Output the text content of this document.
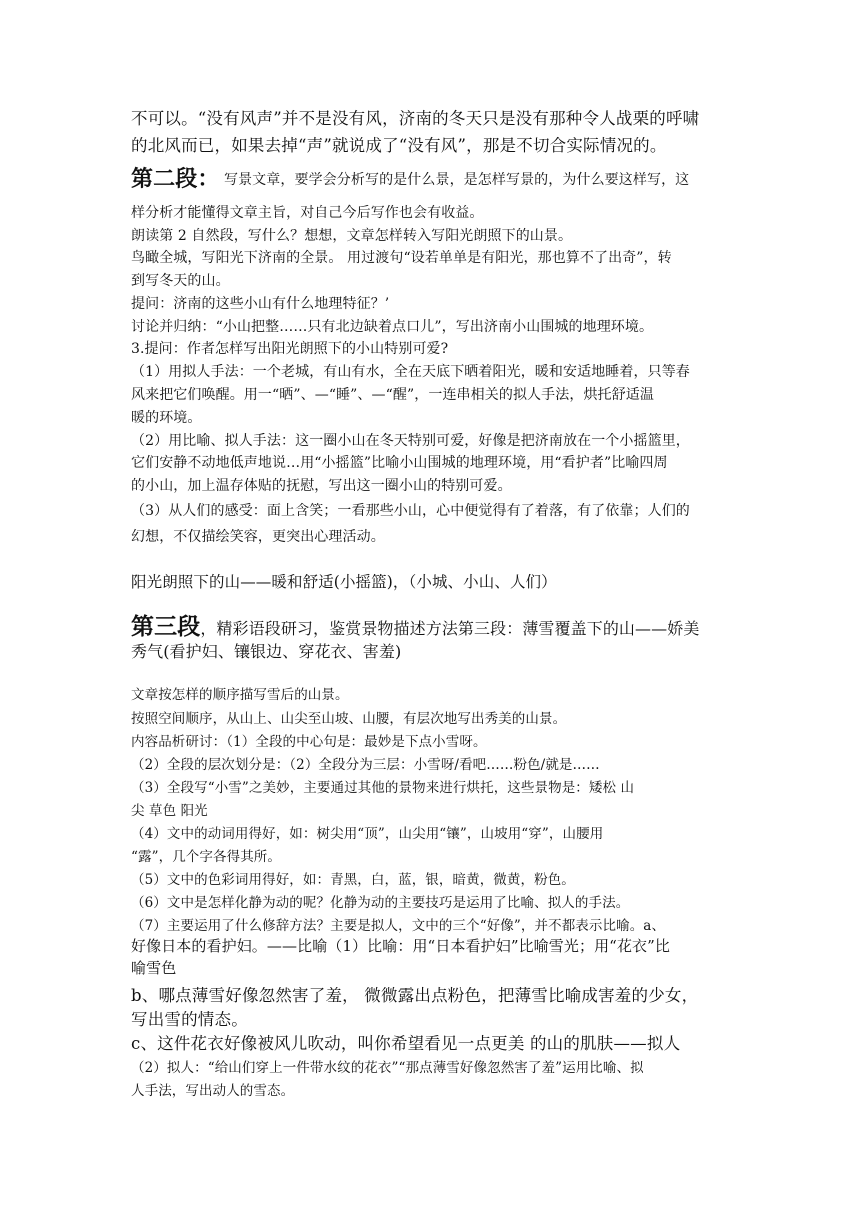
不可以。“没有风声”并不是没有风，济南的冬天只是没有那种令人战栗的呼啸
的北风而已，如果去掉“声”就说成了“没有风”，那是不切合实际情况的。
第二段： 写景文章，要学会分析写的是什么景，是怎样写景的，为什么要这样写，这
样分析才能懂得文章主旨，对自己今后写作也会有收益。
朗读第 2 自然段，写什么？想想，文章怎样转入写阳光朗照下的山景。
鸟瞰全城，写阳光下济南的全景。 用过渡句“设若单单是有阳光，那也算不了出奇”，转
到写冬天的山。
提问：济南的这些小山有什么地理特征？’
讨论并归纳：“小山把整……只有北边缺着点口儿”，写出济南小山围城的地理环境。
3.提问：作者怎样写出阳光朗照下的小山特别可爱?
（1）用拟人手法：一个老城，有山有水，全在天底下晒着阳光，暖和安适地睡着，只等春
风来把它们唤醒。用一“晒”、—“睡”、—“醒”，一连串相关的拟人手法，烘托舒适温
暖的环境。
（2）用比喻、拟人手法：这一圈小山在冬天特别可爱，好像是把济南放在一个小摇篮里，
它们安静不动地低声地说…用“小摇篮”比喻小山围城的地理环境，用“看护者”比喻四周
的小山，加上温存体贴的抚慰，写出这一圈小山的特别可爱。
（3）从人们的感受：面上含笑；一看那些小山，心中便觉得有了着落，有了依靠；人们的
幻想，不仅描绘笑容，更突出心理活动。
阳光朗照下的山——暖和舒适(小摇篮)，（小城、小山、人们）
第三段，精彩语段研习，鉴赏景物描述方法第三段：薄雪覆盖下的山——娇美
秀气(看护妇、镶银边、穿花衣、害羞)
文章按怎样的顺序描写雪后的山景。
按照空间顺序，从山上、山尖至山坡、山腰，有层次地写出秀美的山景。
内容品析研讨：（1）全段的中心句是：最妙是下点小雪呀。
（2）全段的层次划分是：（2）全段分为三层：小雪呀/看吧……粉色/就是……
（3）全段写“小雪”之美妙，主要通过其他的景物来进行烘托，这些景物是：矮松 山
尖 草色 阳光
（4）文中的动词用得好，如：树尖用“顶”，山尖用“镶”，山坡用“穿”，山腰用
“露”，几个字各得其所。
（5）文中的色彩词用得好，如：青黑，白，蓝，银，暗黄，微黄，粉色。
（6）文中是怎样化静为动的呢？化静为动的主要技巧是运用了比喻、拟人的手法。
（7）主要运用了什么修辞方法？主要是拟人，文中的三个“好像”，并不都表示比喻。a、
好像日本的看护妇。——比喻（1）比喻：用“日本看护妇”比喻雪光；用“花衣”比
喻雪色
b、哪点薄雪好像忽然害了羞， 微微露出点粉色，把薄雪比喻成害羞的少女，
写出雪的情态。
c、这件花衣好像被风儿吹动，叫你希望看见一点更美 的山的肌肤——拟人
（2）拟人：“给山们穿上一件带水纹的花衣”“那点薄雪好像忽然害了羞”运用比喻、拟
人手法，写出动人的雪态。
